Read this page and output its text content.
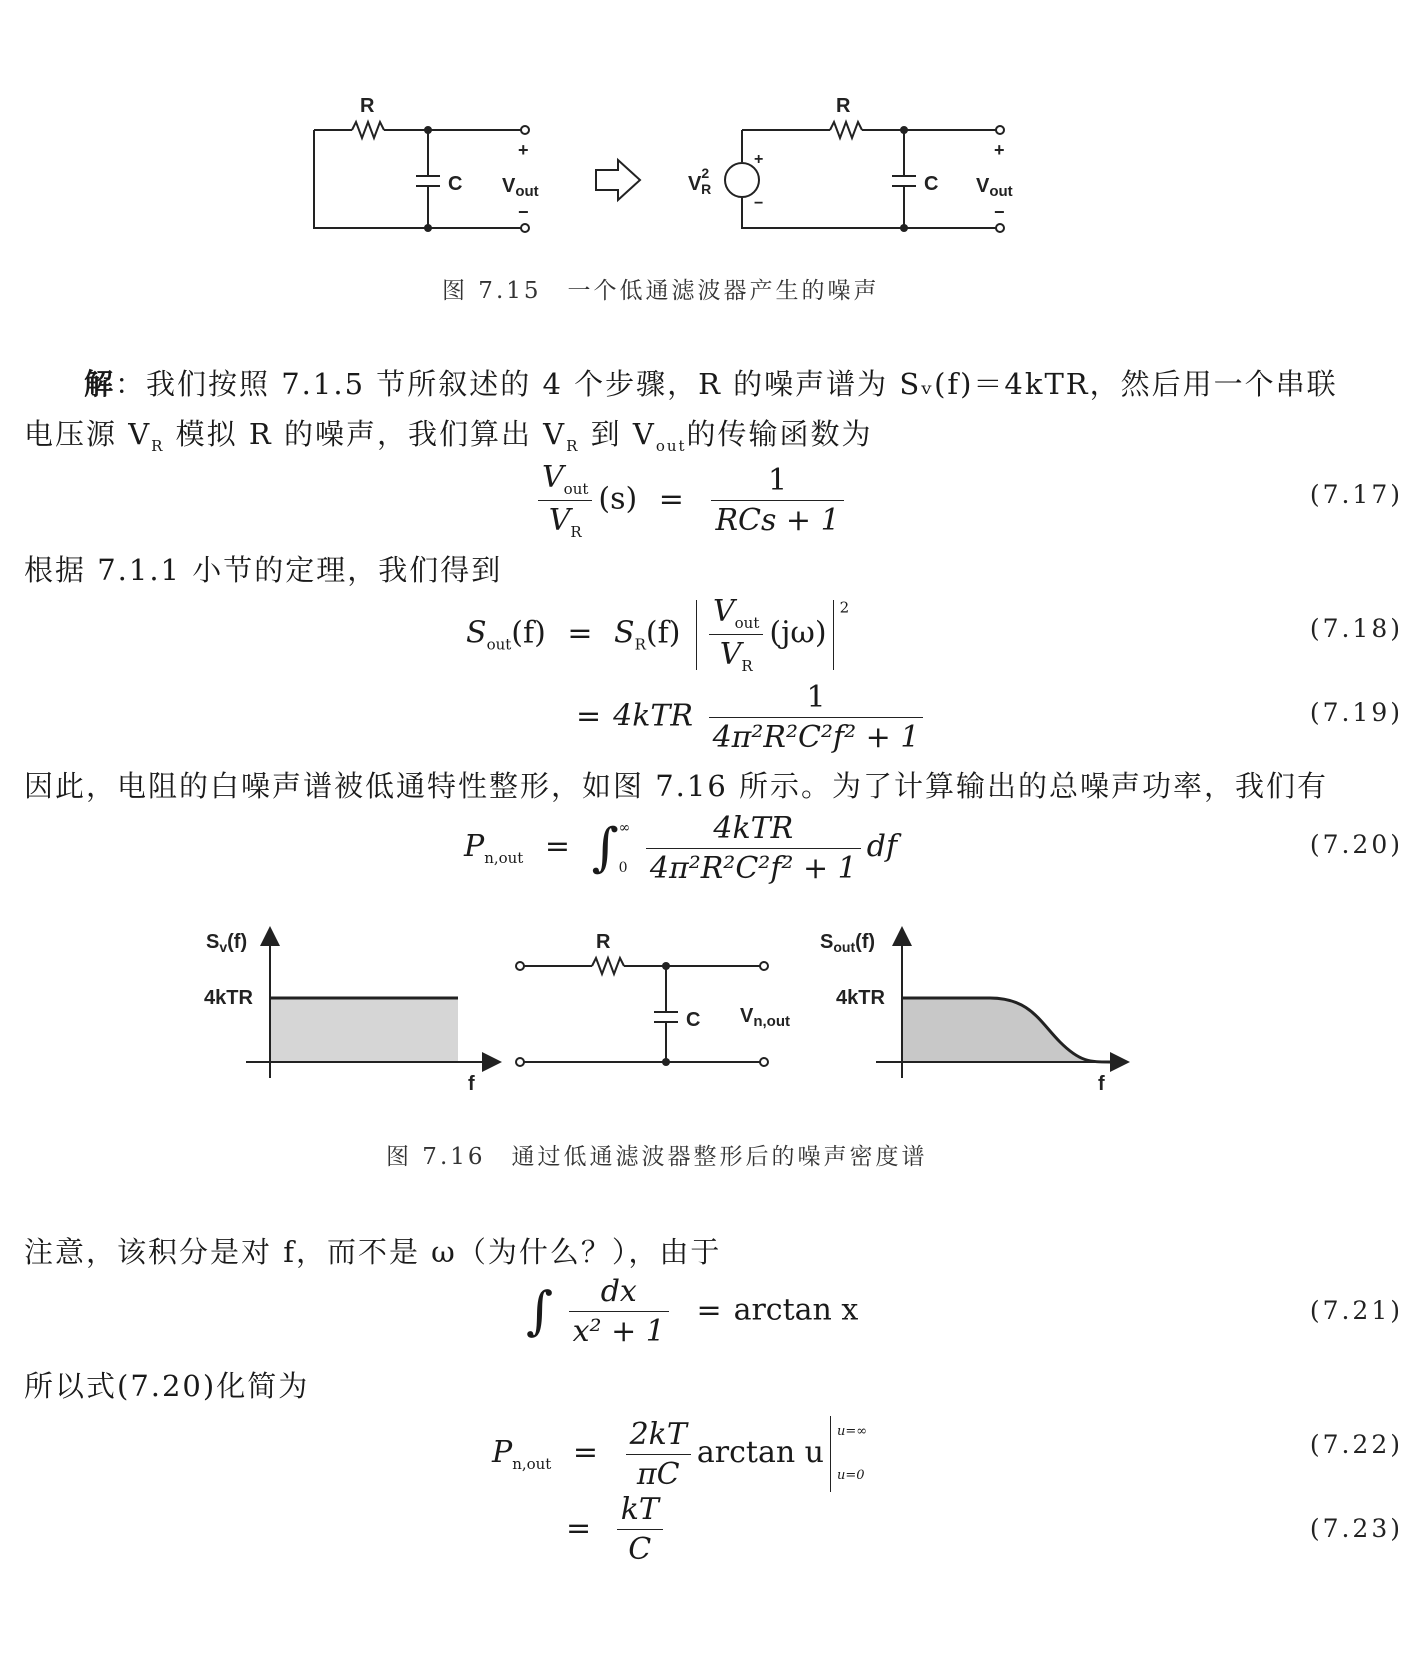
R
C
+
−
$V_{out}$
R
C
+
−
$V^2$ R
+
−
$V_{out}$
图 7.15　一个低通滤波器产生的噪声
解：我们按照 7.1.5 节所叙述的 4 个步骤，R 的噪声谱为 Sᵥ(f)＝4kTR，然后用一个串联
电压源 $V_R$ 模拟 R 的噪声，我们算出 $V_R$ 到 $V_{out}$的传输函数为
$\frac{V_{out}}{V_R} (s) = \frac{1}{\text{RCs + 1}}$	(7.17)
根据 7.1.1 小节的定理，我们得到
$S_{out}(f) = S_R(f) \frac{V_{out}}{V_R} (j\omega)^2$
(7.18)
= $4kTR \frac{1}{\text{4π²R²C²f² + 1}}$	(7.19)
因此，电阻的白噪声谱被低通特性整形，如图 7.16 所示。为了计算输出的总噪声功率，我们有
$P_{n,out}$ = ∫ ∞
0
$\frac{\text{4kTR}}{\text{4π²R²C²f² + 1}}$ df	(7.20)
$S_v(f)$
4kTR
f
R
C $V_{n,out}$
$S_{out}(f)$
4kTR
f
图 7.16　通过低通滤波器整形后的噪声密度谱
注意，该积分是对 f，而不是 ω（为什么？），由于
∫ $\frac{dx}{\text{x² + 1}} = \arctan x$	(7.21)
所以式(7.20)化简为
$P_{n,out} = \frac{2kT}{\pi C}$ arctan u
u=∞
u=0
(7.22)
= $\frac{kT}{C}$	(7.23)
